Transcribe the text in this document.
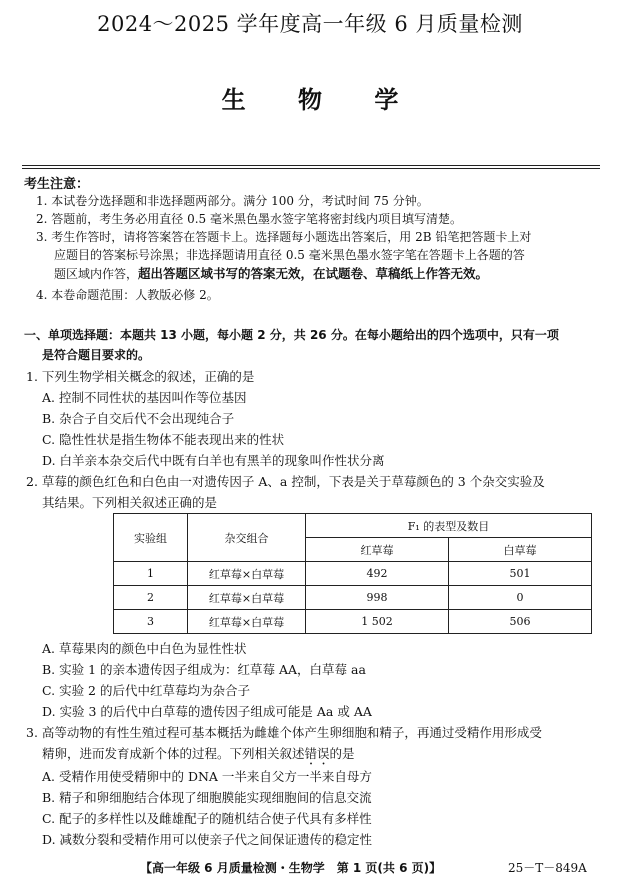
2024～2025 学年度高一年级 6 月质量检测
生 物 学
考生注意：
1. 本试卷分选择题和非选择题两部分。满分 100 分，考试时间 75 分钟。
2. 答题前，考生务必用直径 0.5 毫米黑色墨水签字笔将密封线内项目填写清楚。
3. 考生作答时，请将答案答在答题卡上。选择题每小题选出答案后，用 2B 铅笔把答题卡上对
应题目的答案标号涂黑；非选择题请用直径 0.5 毫米黑色墨水签字笔在答题卡上各题的答
题区域内作答，超出答题区域书写的答案无效，在试题卷、草稿纸上作答无效。
4. 本卷命题范围：人教版必修 2。
一、单项选择题：本题共 13 小题，每小题 2 分，共 26 分。在每小题给出的四个选项中，只有一项
是符合题目要求的。
1. 下列生物学相关概念的叙述，正确的是
A. 控制不同性状的基因叫作等位基因
B. 杂合子自交后代不会出现纯合子
C. 隐性性状是指生物体不能表现出来的性状
D. 白羊亲本杂交后代中既有白羊也有黑羊的现象叫作性状分离
2. 草莓的颜色红色和白色由一对遗传因子 A、a 控制，下表是关于草莓颜色的 3 个杂交实验及
其结果。下列相关叙述正确的是
实验组	杂交组合	F₁ 的表型及数目	
		红草莓	白草莓
1	红草莓×白草莓	492	501
2	红草莓×白草莓	998	0
3	红草莓×白草莓	1 502	506
A. 草莓果肉的颜色中白色为显性性状
B. 实验 1 的亲本遗传因子组成为：红草莓 AA，白草莓 aa
C. 实验 2 的后代中红草莓均为杂合子
D. 实验 3 的后代中白草莓的遗传因子组成可能是 Aa 或 AA
3. 高等动物的有性生殖过程可基本概括为雌雄个体产生卵细胞和精子，再通过受精作用形成受
精卵，进而发育成新个体的过程。下列相关叙述错误的是
A. 受精作用使受精卵中的 DNA 一半来自父方一半来自母方
B. 精子和卵细胞结合体现了细胞膜能实现细胞间的信息交流
C. 配子的多样性以及雌雄配子的随机结合使子代具有多样性
D. 减数分裂和受精作用可以使亲子代之间保证遗传的稳定性
【高一年级 6 月质量检测・生物学　第 1 页(共 6 页)】	25－T－849A
